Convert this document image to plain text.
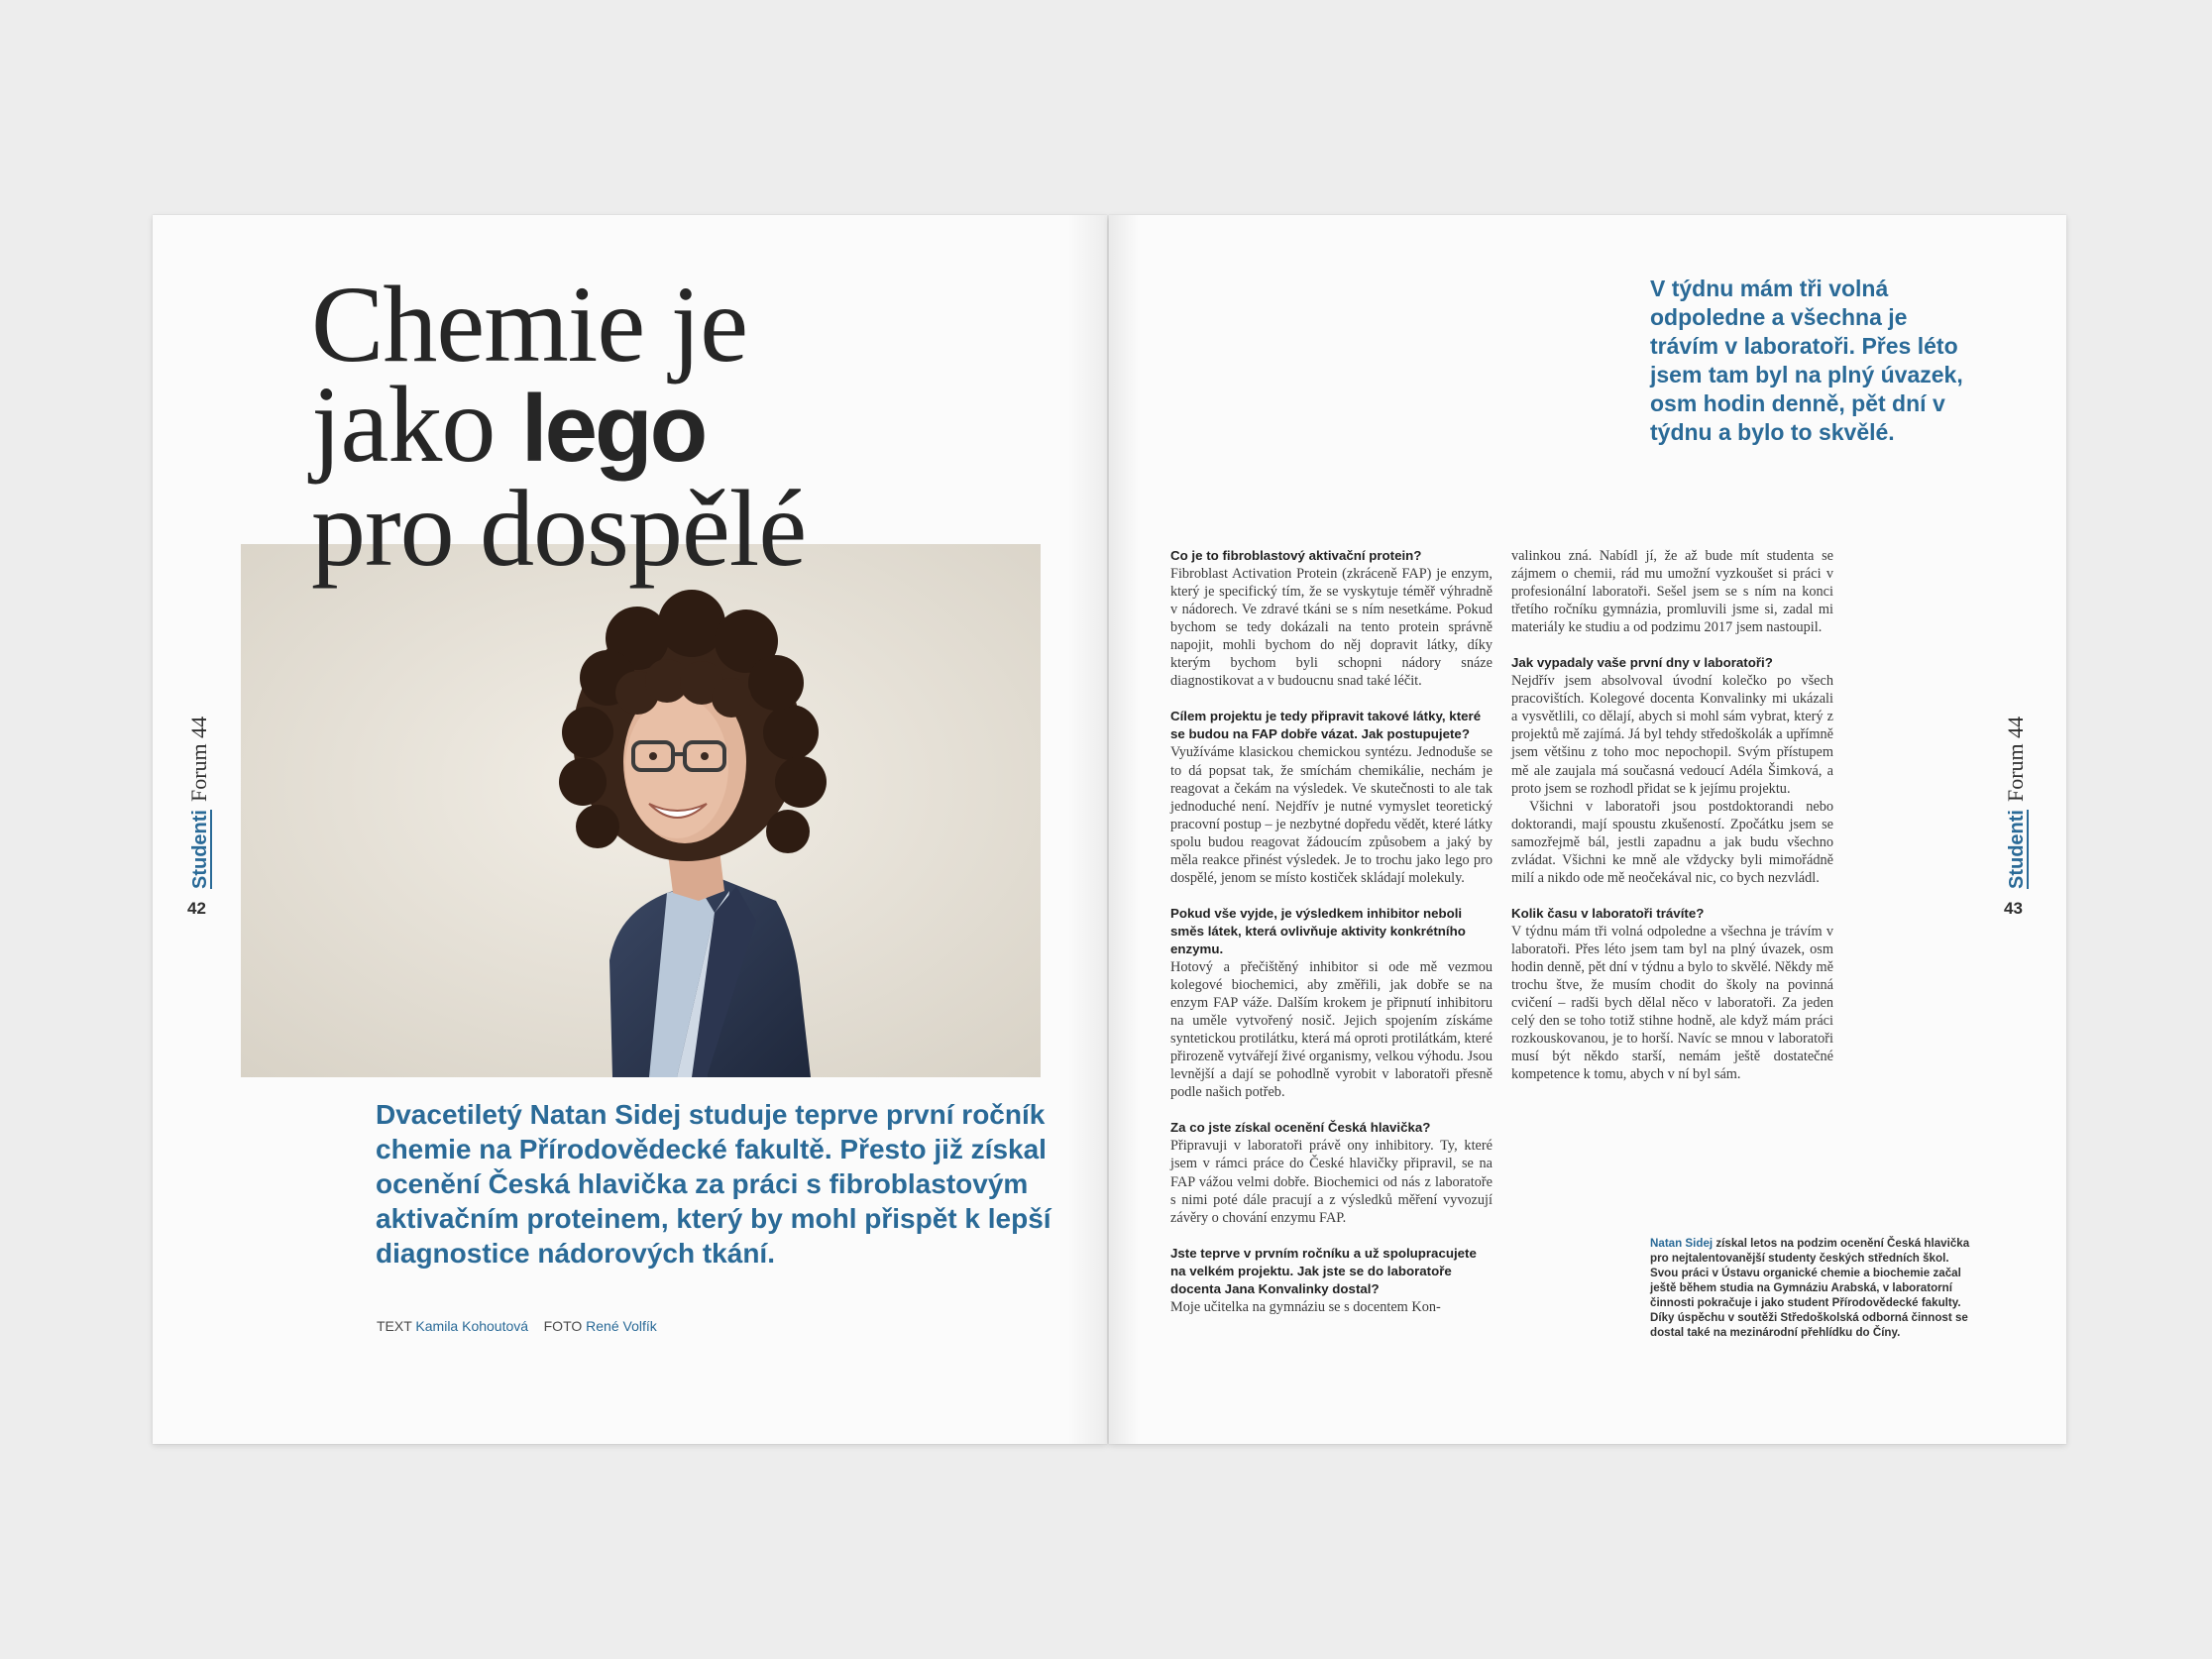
Chemie je
jako lego
pro dospělé
Dvacetiletý Natan Sidej studuje teprve první ročník chemie na Přírodovědecké fakultě. Přesto již získal ocenění Česká hlavička za práci s fibroblastovým aktivačním proteinem, který by mohl přispět k lepší diagnostice nádorových tkání.
TEXT Kamila Kohoutová FOTO René Volfík
StudentiForum 44
42
V týdnu mám tři volná odpoledne a všechna je trávím v laboratoři. Přes léto jsem tam byl na plný úvazek, osm hodin denně, pět dní v týdnu a bylo to skvělé.
Co je to fibroblastový aktivační protein?

Fibroblast Activation Protein (zkráceně FAP) je enzym, který je specifický tím, že se vyskytuje téměř výhradně v nádorech. Ve zdravé tkáni se s ním nesetkáme. Pokud bychom se tedy dokázali na tento protein správně napojit, mohli bychom do něj dopravit látky, díky kterým bychom byli schopni nádory snáze diagnostikovat a v budoucnu snad také léčit.

Cílem projektu je tedy připravit takové látky, které se budou na FAP dobře vázat. Jak postupujete?

Využíváme klasickou chemickou syntézu. Jednoduše se to dá popsat tak, že smíchám chemikálie, nechám je reagovat a čekám na výsledek. Ve skutečnosti to ale tak jednoduché není. Nejdřív je nutné vymyslet teoretický pracovní postup – je nezbytné dopředu vědět, které látky spolu budou reagovat žádoucím způsobem a jaký by měla reakce přinést výsledek. Je to trochu jako lego pro dospělé, jenom se místo kostiček skládají molekuly.

Pokud vše vyjde, je výsledkem inhibitor neboli směs látek, která ovlivňuje aktivity konkrétního enzymu.

Hotový a přečištěný inhibitor si ode mě vezmou kolegové biochemici, aby změřili, jak dobře se na enzym FAP váže. Dalším krokem je připnutí inhibitoru na uměle vytvořený nosič. Jejich spojením získáme syntetickou protilátku, která má oproti protilátkám, které přirozeně vytvářejí živé organismy, velkou výhodu. Jsou levnější a dají se pohodlně vyrobit v laboratoři přesně podle našich potřeb.

Za co jste získal ocenění Česká hlavička?

Připravuji v laboratoři právě ony inhibitory. Ty, které jsem v rámci práce do České hlavičky připravil, se na FAP vážou velmi dobře. Biochemici od nás z laboratoře s nimi poté dále pracují a z výsledků měření vyvozují závěry o chování enzymu FAP.

Jste teprve v prvním ročníku a už spolupracujete na velkém projektu. Jak jste se do laboratoře docenta Jana Konvalinky dostal?

Moje učitelka na gymnáziu se s docentem Kon-

valinkou zná. Nabídl jí, že až bude mít studenta se zájmem o chemii, rád mu umožní vyzkoušet si práci v profesionální laboratoři. Sešel jsem se s ním na konci třetího ročníku gymnázia, promluvili jsme si, zadal mi materiály ke studiu a od podzimu 2017 jsem nastoupil.

Jak vypadaly vaše první dny v laboratoři?

Nejdřív jsem absolvoval úvodní kolečko po všech pracovištích. Kolegové docenta Konvalinky mi ukázali a vysvětlili, co dělají, abych si mohl sám vybrat, který z projektů mě zajímá. Já byl tehdy středoškolák a upřímně jsem většinu z toho moc nepochopil. Svým přístupem mě ale zaujala má současná vedoucí Adéla Šimková, a proto jsem se rozhodl přidat se k jejímu projektu.

Všichni v laboratoři jsou postdoktorandi nebo doktorandi, mají spoustu zkušeností. Zpočátku jsem se samozřejmě bál, jestli zapadnu a jak budu všechno zvládat. Všichni ke mně ale vždycky byli mimořádně milí a nikdo ode mě neočekával nic, co bych nezvládl.

Kolik času v laboratoři trávíte?

V týdnu mám tři volná odpoledne a všechna je trávím v laboratoři. Přes léto jsem tam byl na plný úvazek, osm hodin denně, pět dní v týdnu a bylo to skvělé. Někdy mě trochu štve, že musím chodit do školy na povinná cvičení – radši bych dělal něco v laboratoři. Za jeden celý den se toho totiž stihne hodně, ale když mám práci rozkouskovanou, je to horší. Navíc se mnou v laboratoři musí být někdo starší, nemám ještě dostatečné kompetence k tomu, abych v ní byl sám.

Natan Sidej získal letos na podzim ocenění Česká hlavička pro nejtalentovanější studenty českých středních škol. Svou práci v Ústavu organické chemie a biochemie začal ještě během studia na Gymnáziu Arabská, v laboratorní činnosti pokračuje i jako student Přírodovědecké fakulty. Díky úspěchu v soutěži Středoškolská odborná činnost se dostal také na mezinárodní přehlídku do Číny.
StudentiForum 44
43
